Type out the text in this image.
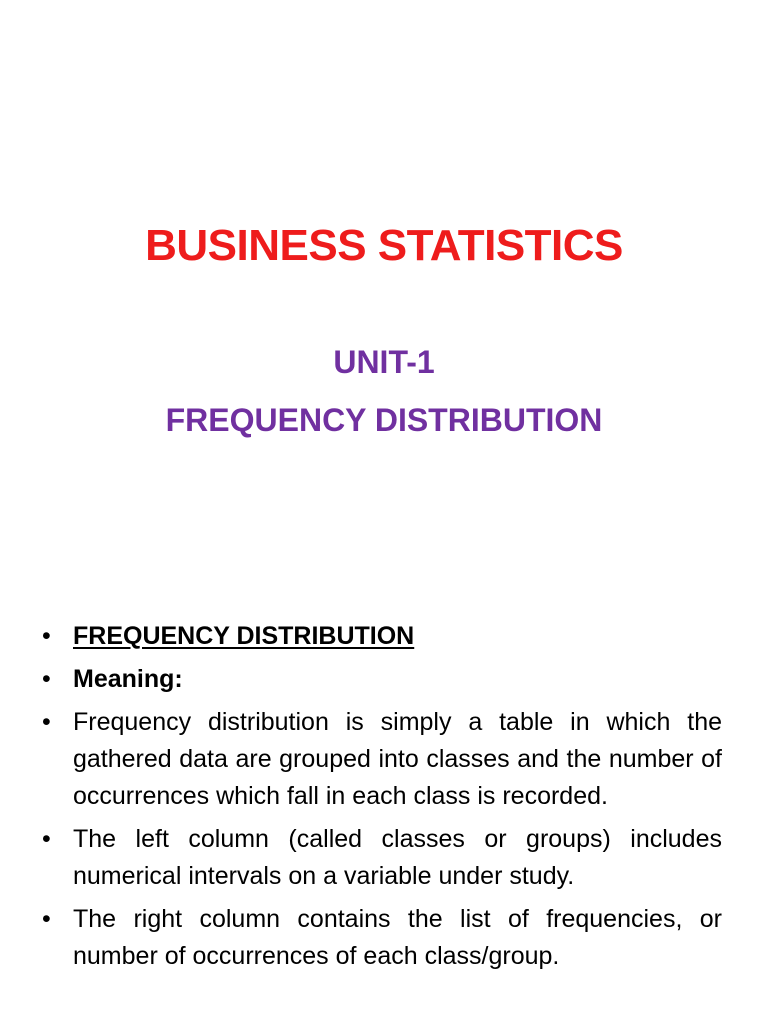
BUSINESS STATISTICS
UNIT-1
FREQUENCY DISTRIBUTION
• FREQUENCY DISTRIBUTION
• Meaning:
• Frequency distribution is simply a table in which the gathered data are grouped into classes and the number of occurrences which fall in each class is recorded.
• The left column (called classes or groups) includes numerical intervals on a variable under study.
• The right column contains the list of frequencies, or number of occurrences of each class/group.
